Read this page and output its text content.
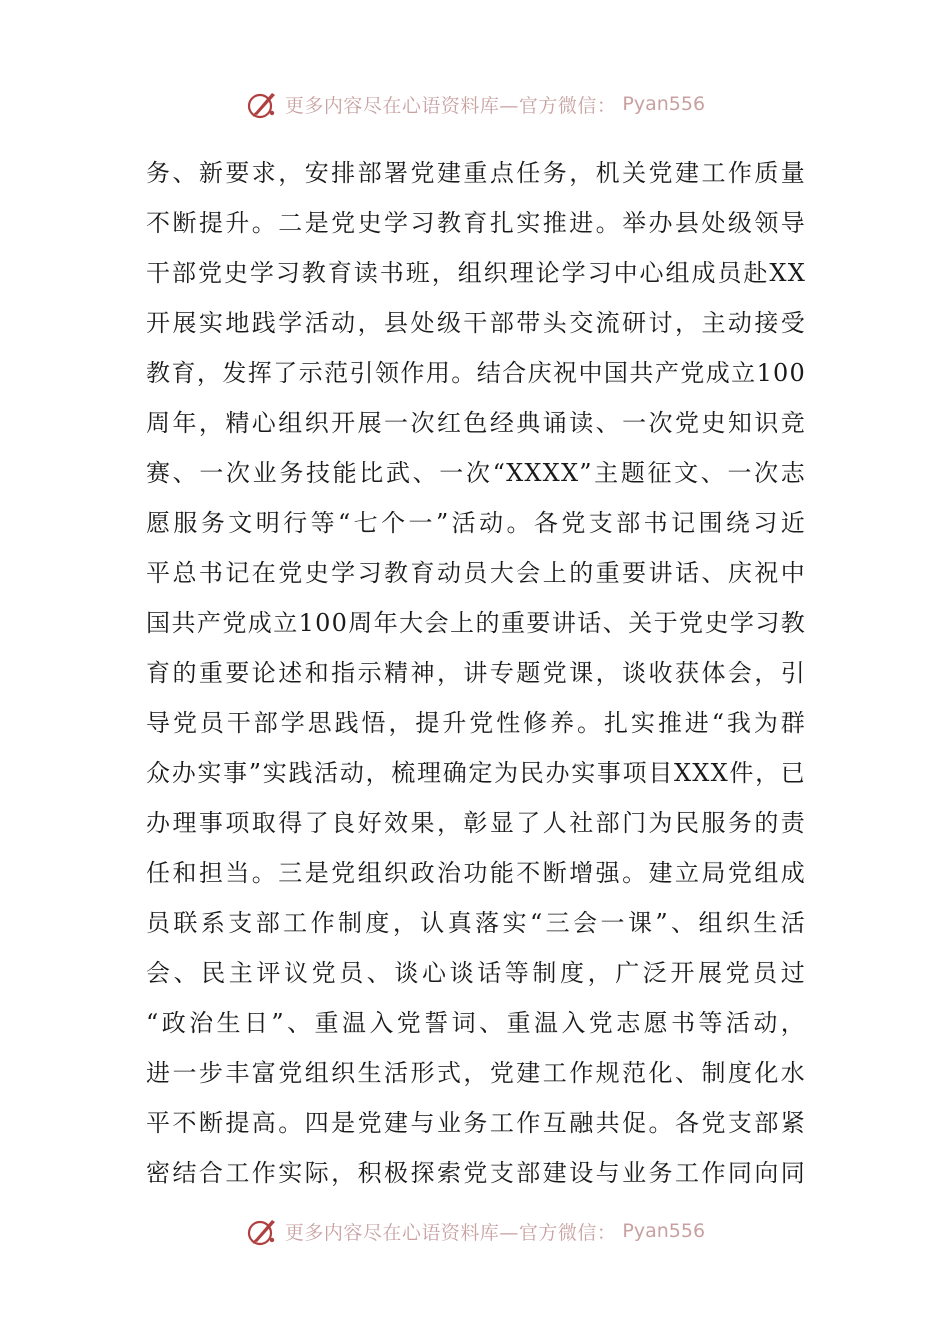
更多内容尽在心语资料库—官方微信： Pyan556
务、新要求，安排部署党建重点任务，机关党建工作质量
不断提升。二是党史学习教育扎实推进。举办县处级领导
干部党史学习教育读书班，组织理论学习中心组成员赴XX
开展实地践学活动，县处级干部带头交流研讨，主动接受
教育，发挥了示范引领作用。结合庆祝中国共产党成立100
周年，精心组织开展一次红色经典诵读、一次党史知识竞
赛、一次业务技能比武、一次“XXXX”主题征文、一次志
愿服务文明行等“七个一”活动。各党支部书记围绕习近
平总书记在党史学习教育动员大会上的重要讲话、庆祝中
国共产党成立100周年大会上的重要讲话、关于党史学习教
育的重要论述和指示精神，讲专题党课，谈收获体会，引
导党员干部学思践悟，提升党性修养。扎实推进“我为群
众办实事”实践活动，梳理确定为民办实事项目XXX件，已
办理事项取得了良好效果，彰显了人社部门为民服务的责
任和担当。三是党组织政治功能不断增强。建立局党组成
员联系支部工作制度，认真落实“三会一课”、组织生活
会、民主评议党员、谈心谈话等制度，广泛开展党员过
“政治生日”、重温入党誓词、重温入党志愿书等活动，
进一步丰富党组织生活形式，党建工作规范化、制度化水
平不断提高。四是党建与业务工作互融共促。各党支部紧
密结合工作实际，积极探索党支部建设与业务工作同向同
更多内容尽在心语资料库—官方微信： Pyan556
